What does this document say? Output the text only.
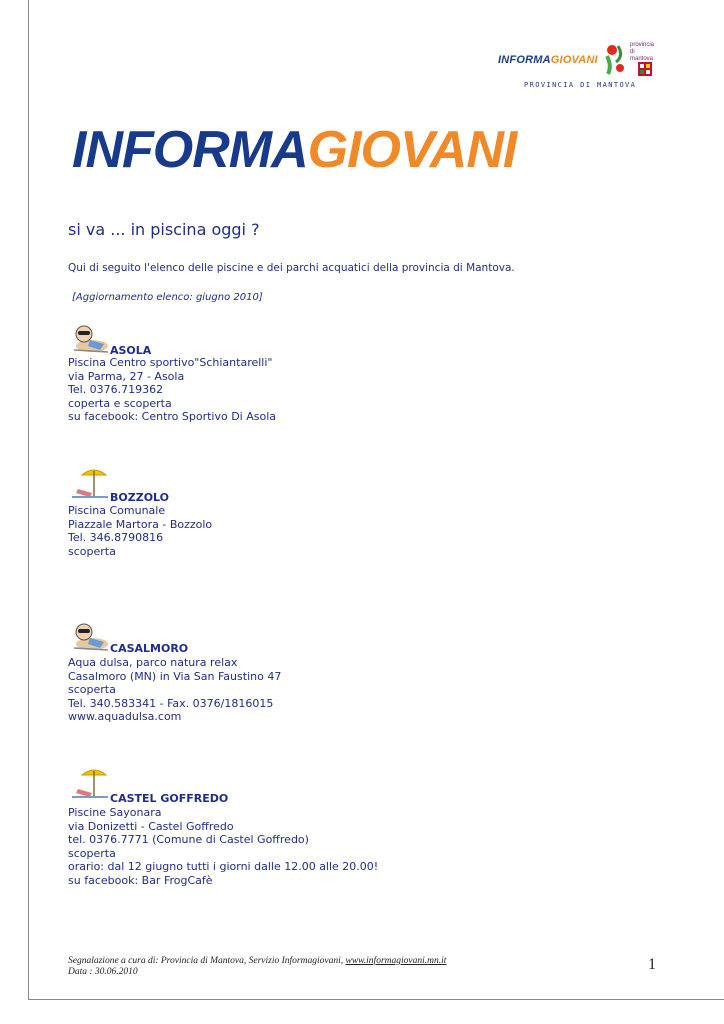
INFORMAGIOVANI
provincia
di mantova
PROVINCIA DI MANTOVA
INFORMAGIOVANI
si va ... in piscina oggi ?
Qui di seguito l'elenco delle piscine e dei parchi acquatici della provincia di Mantova.
[Aggiornamento elenco: giugno 2010]
ASOLA
Piscina Centro sportivo"Schiantarelli"
via Parma, 27 - Asola
Tel. 0376.719362
coperta e scoperta
su facebook: Centro Sportivo Di Asola
BOZZOLO
Piscina Comunale
Piazzale Martora - Bozzolo
Tel. 346.8790816
scoperta
CASALMORO
Aqua dulsa, parco natura relax
Casalmoro (MN) in Via San Faustino 47
scoperta
Tel. 340.583341 - Fax. 0376/1816015
www.aquadulsa.com
CASTEL GOFFREDO
Piscine Sayonara
via Donizetti - Castel Goffredo
tel. 0376.7771 (Comune di Castel Goffredo)
scoperta
orario: dal 12 giugno tutti i giorni dalle 12.00 alle 20.00!
su facebook: Bar FrogCafè
Segnalazione a cura di: Provincia di Mantova, Servizio Informagiovani, www.informagiovani.mn.it
Data : 30.06.2010	1
